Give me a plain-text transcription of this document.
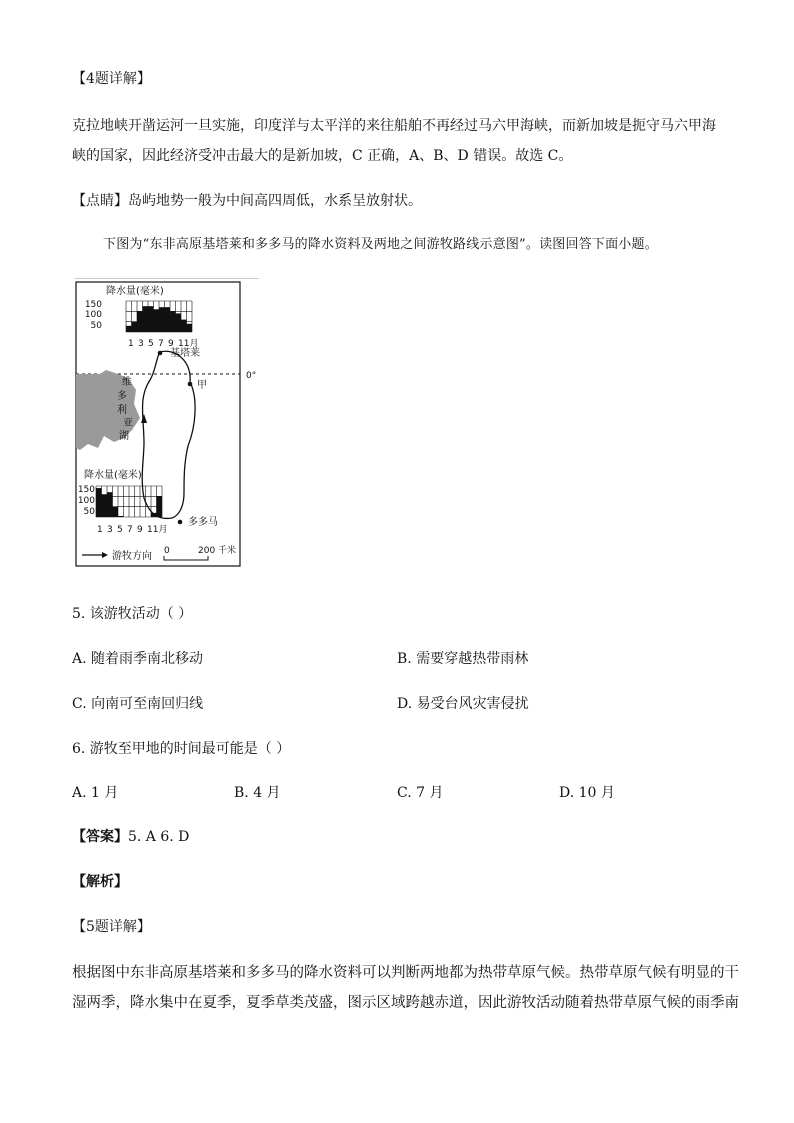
【4题详解】
克拉地峡开凿运河一旦实施，印度洋与太平洋的来往船舶不再经过马六甲海峡，而新加坡是扼守马六甲海
峡的国家，因此经济受冲击最大的是新加坡，C 正确，A、B、D 错误。故选 C。
【点睛】岛屿地势一般为中间高四周低，水系呈放射状。
下图为“东非高原基塔莱和多多马的降水资料及两地之间游牧路线示意图”。读图回答下面小题。
0°
维
多
利
亚
湖
基塔莱
甲
多多马
降水量(毫米)
150
100
50
1 3 5 7 9 11月
降水量(毫米)
150
100
50
1 3 5 7 9 11月
游牧方向 0	200 千米
5. 该游牧活动（ ）
A. 随着雨季南北移动	B. 需要穿越热带雨林
C. 向南可至南回归线	D. 易受台风灾害侵扰
6. 游牧至甲地的时间最可能是（ ）
A. 1 月	B. 4 月	C. 7 月	D. 10 月
【答案】5. A 6. D
【解析】
【5题详解】
根据图中东非高原基塔莱和多多马的降水资料可以判断两地都为热带草原气候。热带草原气候有明显的干
湿两季，降水集中在夏季，夏季草类茂盛，图示区域跨越赤道，因此游牧活动随着热带草原气候的雨季南
